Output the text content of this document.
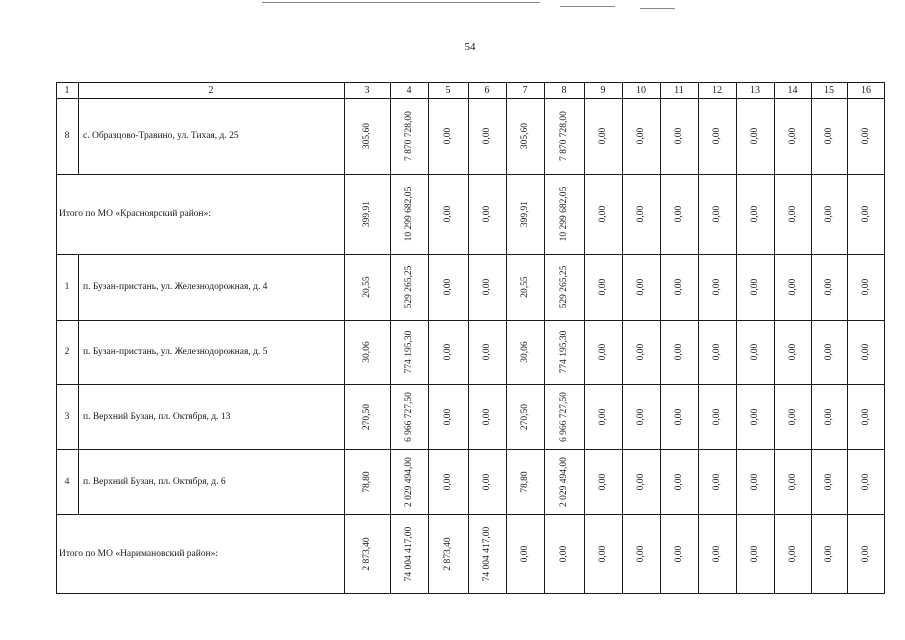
54
1	2	3	4	5	6	7	8	9	10	11	12	13	14	15	16
8	с. Образцово-Травино, ул. Тихая, д. 25	305,60	7 870 728,00	0,00	0,00	305,60	7 870 728,00	0,00	0,00	0,00	0,00	0,00	0,00	0,00	0,00
Итого по МО «Красноярский район»:	399,91	10 299 682,05	0,00	0,00	399,91	10 299 682,05	0,00	0,00	0,00	0,00	0,00	0,00	0,00	0,00
1	п. Бузан-пристань, ул. Железнодорожная, д. 4	20,55	529 265,25	0,00	0,00	20,55	529 265,25	0,00	0,00	0,00	0,00	0,00	0,00	0,00	0,00
2	п. Бузан-пристань, ул. Железнодорожная, д. 5	30,06	774 195,30	0,00	0,00	30,06	774 195,30	0,00	0,00	0,00	0,00	0,00	0,00	0,00	0,00
3	п. Верхний Бузан, пл. Октября, д. 13	270,50	6 966 727,50	0,00	0,00	270,50	6 966 727,50	0,00	0,00	0,00	0,00	0,00	0,00	0,00	0,00
4	п. Верхний Бузан, пл. Октября, д. 6	78,80	2 029 494,00	0,00	0,00	78,80	2 029 494,00	0,00	0,00	0,00	0,00	0,00	0,00	0,00	0,00
Итого по МО «Наримановский район»:	2 873,40	74 004 417,00	2 873,40	74 004 417,00	0,00	0,00	0,00	0,00	0,00	0,00	0,00	0,00	0,00	0,00
